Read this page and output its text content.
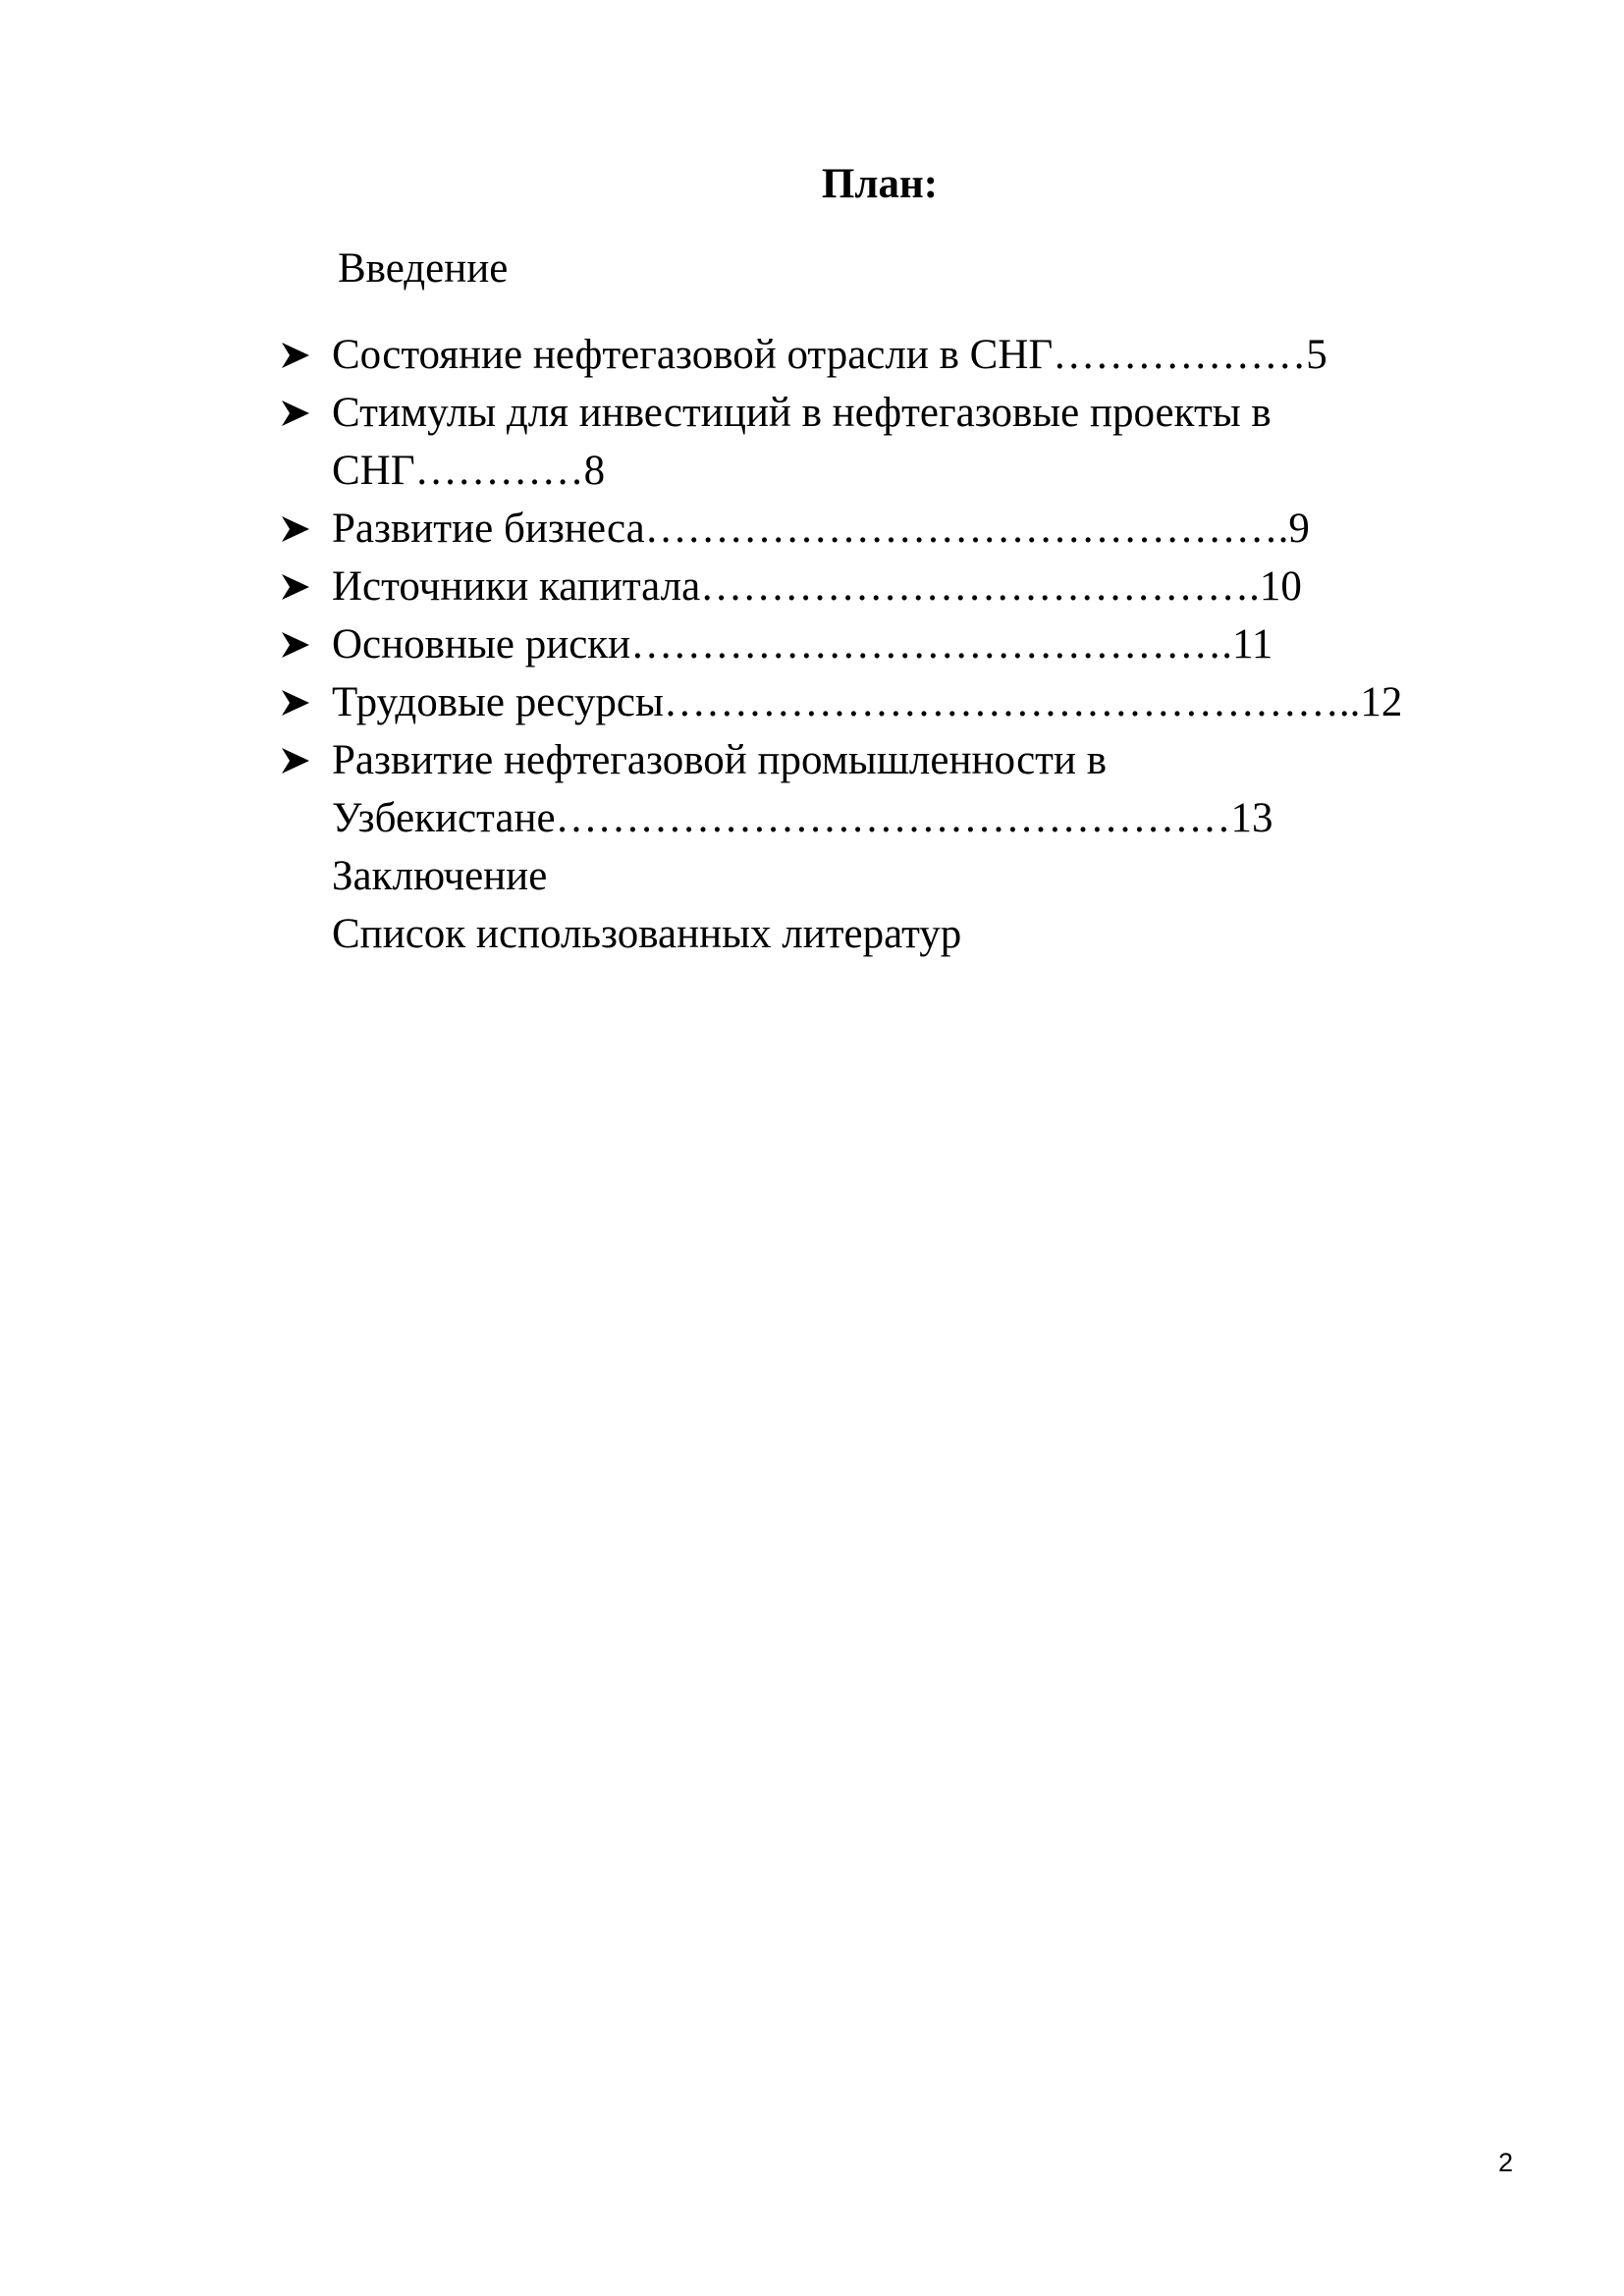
План:

Введение

Состояние нефтегазовой отрасли в СНГ………………5
Стимулы для инвестиций в нефтегазовые проекты в СНГ…………8
Развитие бизнеса……………………………………….9
Источники капитала………………………………….10
Основные риски…………………………………….11
Трудовые ресурсы…………………………………………..12
Развитие нефтегазовой промышленности в Узбекистане…………………………………………13
Заключение
Список использованных литератур
2
